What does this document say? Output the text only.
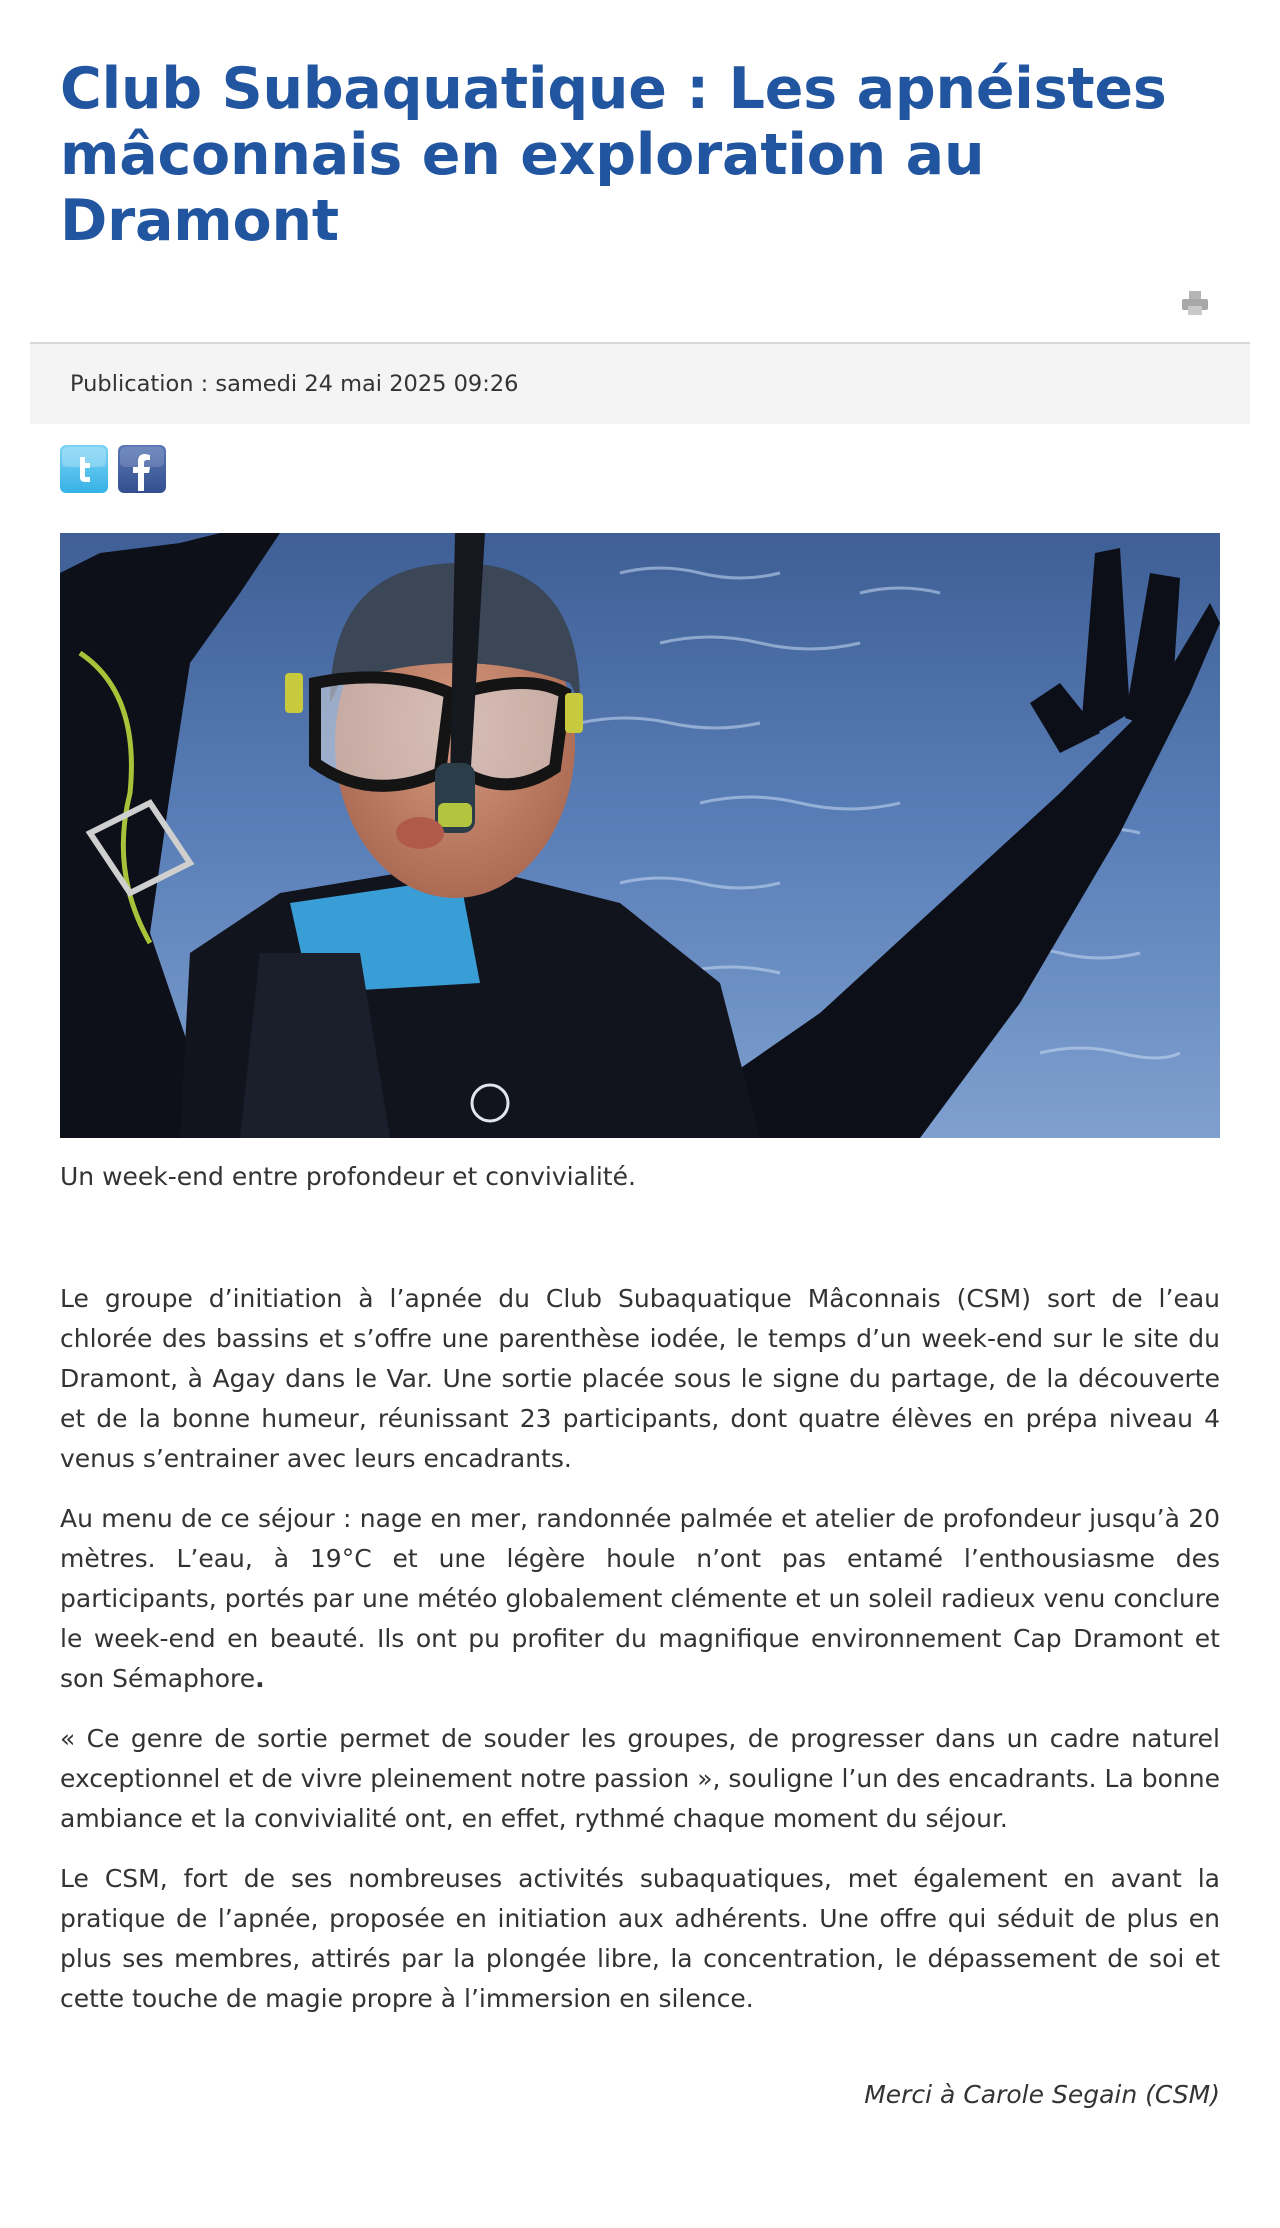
Club Subaquatique : Les apnéistes mâconnais en exploration au Dramont
Publication : samedi 24 mai 2025 09:26
Un week-end entre profondeur et convivialité.

Le groupe d’initiation à l’apnée du Club Subaquatique Mâconnais (CSM) sort de l’eau chlorée des bassins et s’offre une parenthèse iodée, le temps d’un week-end sur le site du Dramont, à Agay dans le Var. Une sortie placée sous le signe du partage, de la découverte et de la bonne humeur, réunissant 23 participants, dont quatre élèves en prépa niveau 4 venus s’entrainer avec leurs encadrants.

Au menu de ce séjour : nage en mer, randonnée palmée et atelier de profondeur jusqu’à 20 mètres. L’eau, à 19°C et une légère houle n’ont pas entamé l’enthousiasme des participants, portés par une météo globalement clémente et un soleil radieux venu conclure le week-end en beauté. Ils ont pu profiter du magnifique environnement Cap Dramont et son Sémaphore.

« Ce genre de sortie permet de souder les groupes, de progresser dans un cadre naturel exceptionnel et de vivre pleinement notre passion », souligne l’un des encadrants. La bonne ambiance et la convivialité ont, en effet, rythmé chaque moment du séjour.

Le CSM, fort de ses nombreuses activités subaquatiques, met également en avant la pratique de l’apnée, proposée en initiation aux adhérents. Une offre qui séduit de plus en plus ses membres, attirés par la plongée libre, la concentration, le dépassement de soi et cette touche de magie propre à l’immersion en silence.

Merci à Carole Segain (CSM)
